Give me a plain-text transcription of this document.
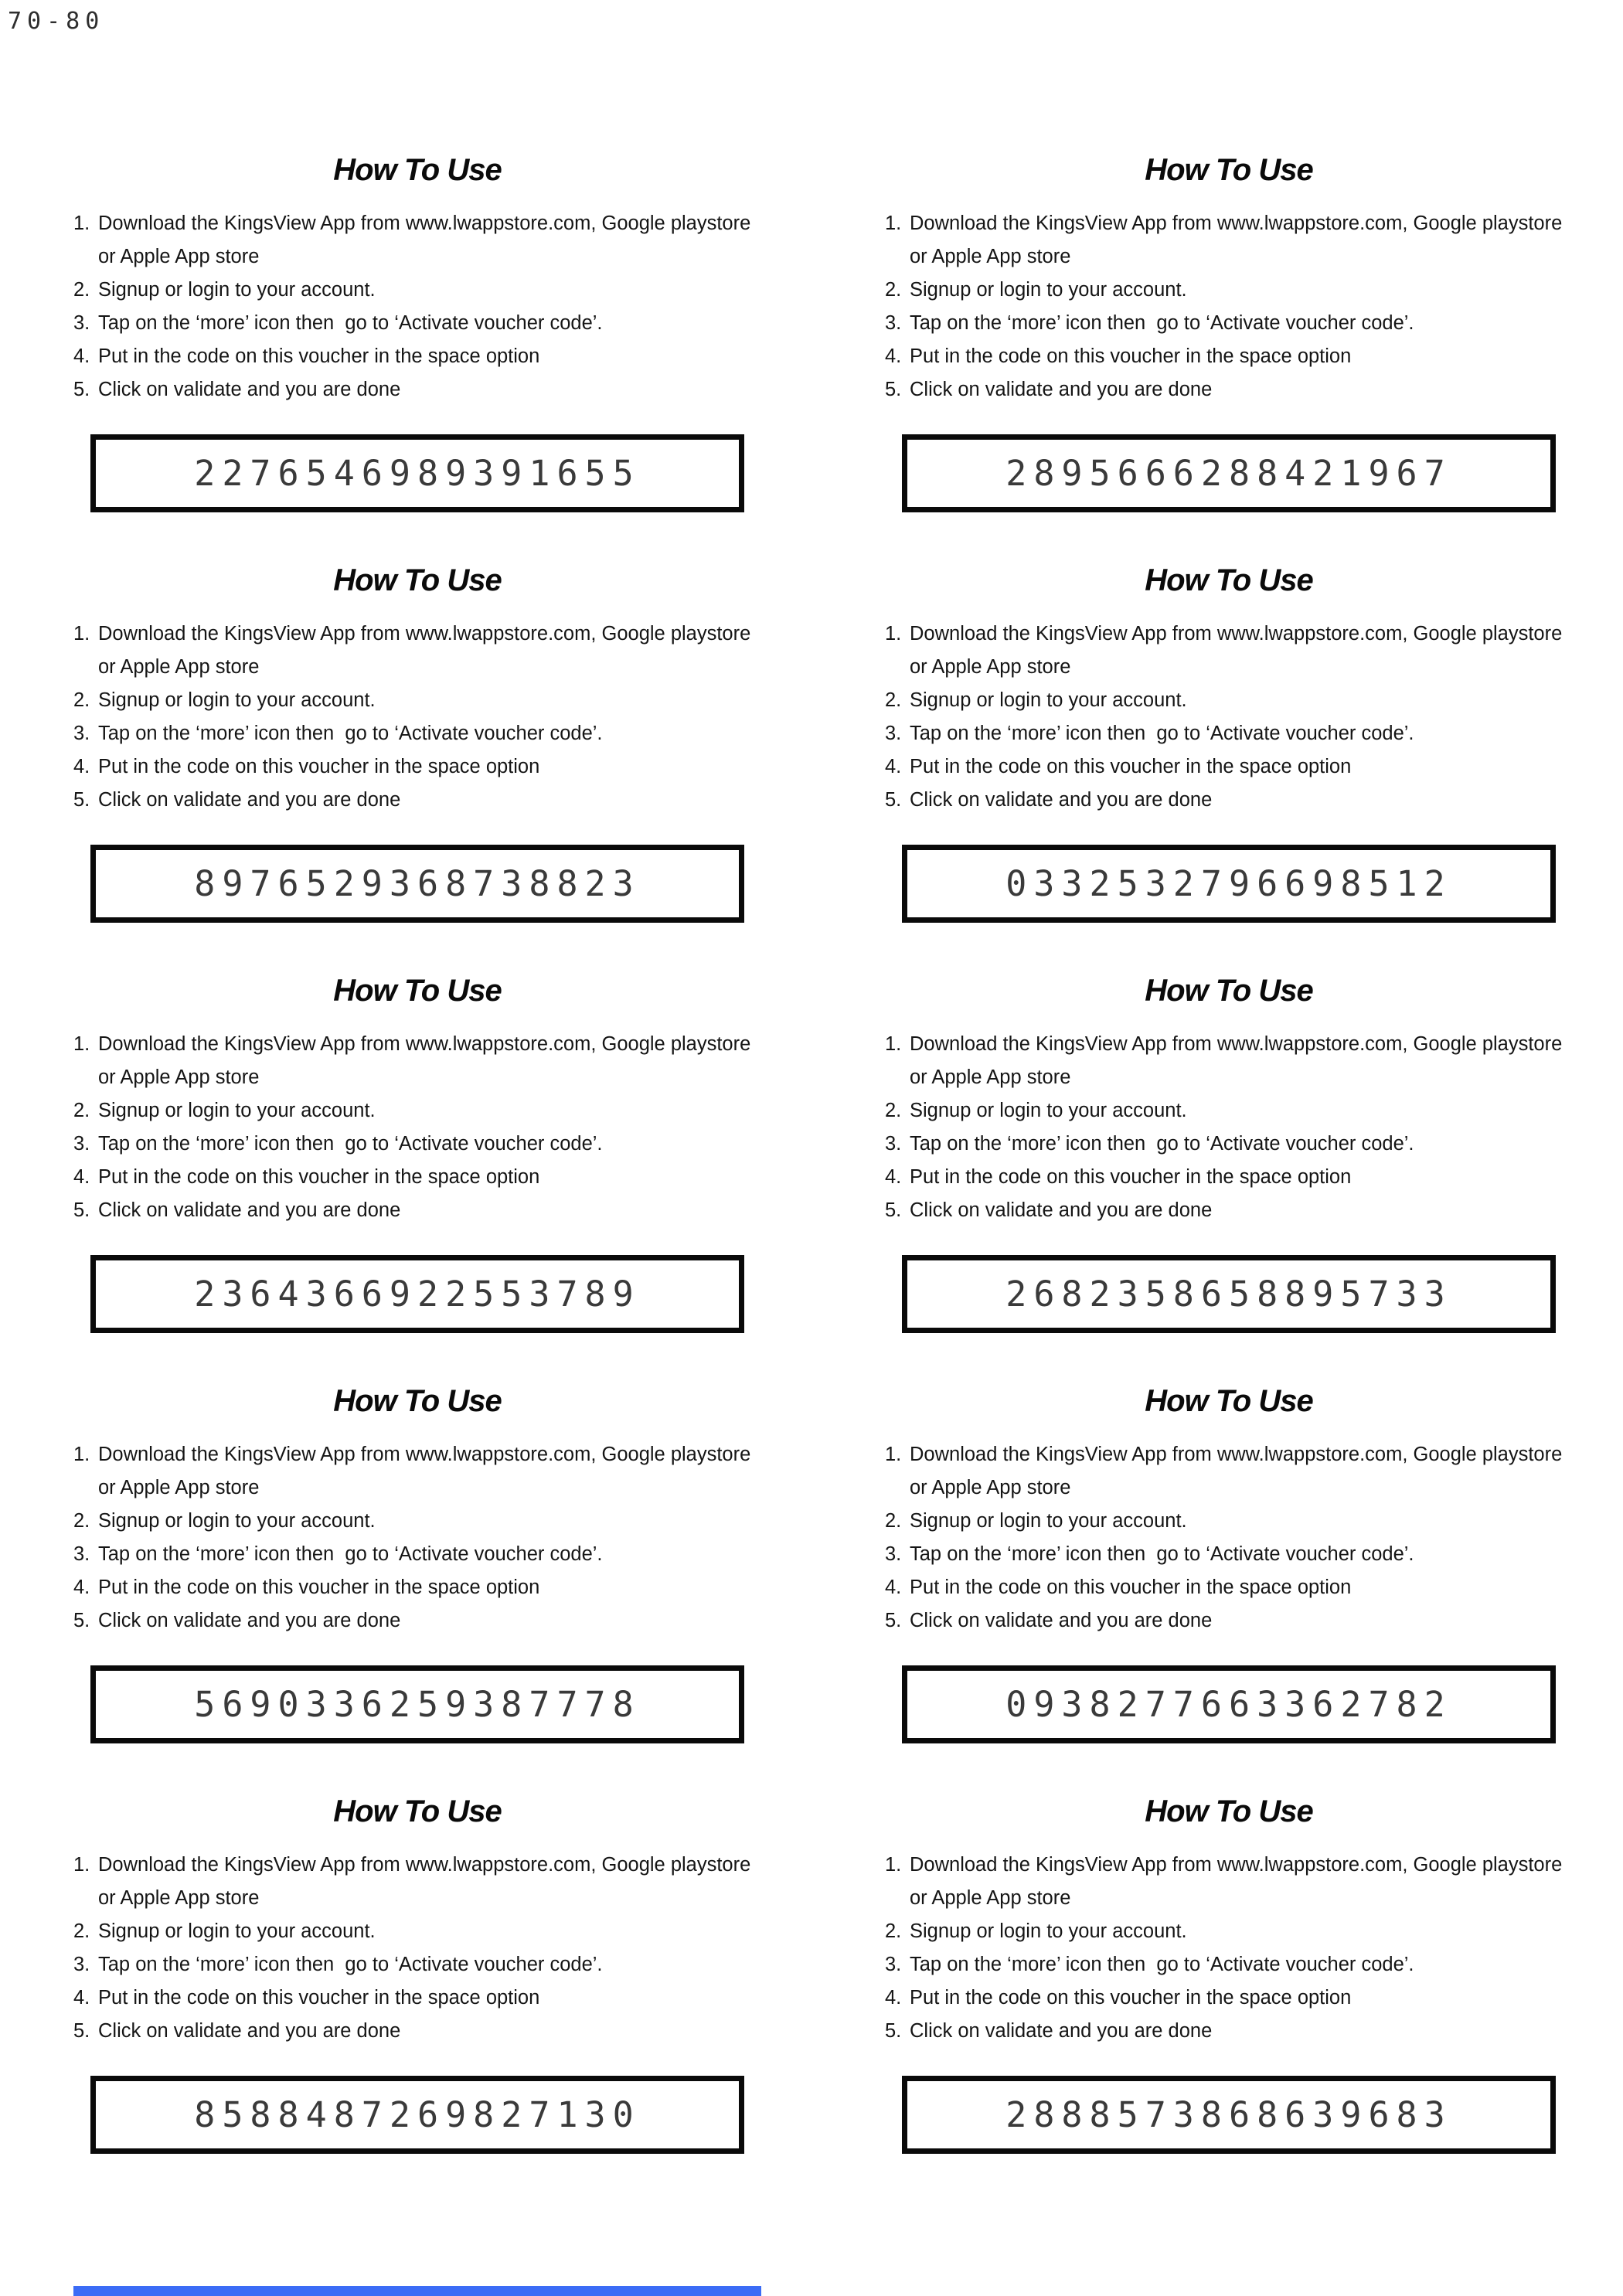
70-80
How To Use
1. Download the KingsView App from www.lwappstore.com, Google playstore or Apple App store
2. Signup or login to your account.
3. Tap on the ‘more’ icon then  go to ‘Activate voucher code’.
4. Put in the code on this voucher in the space option
5. Click on validate and you are done
2276546989391655
How To Use
1. Download the KingsView App from www.lwappstore.com, Google playstore or Apple App store
2. Signup or login to your account.
3. Tap on the ‘more’ icon then  go to ‘Activate voucher code’.
4. Put in the code on this voucher in the space option
5. Click on validate and you are done
2895666288421967
How To Use
1. Download the KingsView App from www.lwappstore.com, Google playstore or Apple App store
2. Signup or login to your account.
3. Tap on the ‘more’ icon then  go to ‘Activate voucher code’.
4. Put in the code on this voucher in the space option
5. Click on validate and you are done
8976529368738823
How To Use
1. Download the KingsView App from www.lwappstore.com, Google playstore or Apple App store
2. Signup or login to your account.
3. Tap on the ‘more’ icon then  go to ‘Activate voucher code’.
4. Put in the code on this voucher in the space option
5. Click on validate and you are done
0332532796698512
How To Use
1. Download the KingsView App from www.lwappstore.com, Google playstore or Apple App store
2. Signup or login to your account.
3. Tap on the ‘more’ icon then  go to ‘Activate voucher code’.
4. Put in the code on this voucher in the space option
5. Click on validate and you are done
2364366922553789
How To Use
1. Download the KingsView App from www.lwappstore.com, Google playstore or Apple App store
2. Signup or login to your account.
3. Tap on the ‘more’ icon then  go to ‘Activate voucher code’.
4. Put in the code on this voucher in the space option
5. Click on validate and you are done
2682358658895733
How To Use
1. Download the KingsView App from www.lwappstore.com, Google playstore or Apple App store
2. Signup or login to your account.
3. Tap on the ‘more’ icon then  go to ‘Activate voucher code’.
4. Put in the code on this voucher in the space option
5. Click on validate and you are done
5690336259387778
How To Use
1. Download the KingsView App from www.lwappstore.com, Google playstore or Apple App store
2. Signup or login to your account.
3. Tap on the ‘more’ icon then  go to ‘Activate voucher code’.
4. Put in the code on this voucher in the space option
5. Click on validate and you are done
0938277663362782
How To Use
1. Download the KingsView App from www.lwappstore.com, Google playstore or Apple App store
2. Signup or login to your account.
3. Tap on the ‘more’ icon then  go to ‘Activate voucher code’.
4. Put in the code on this voucher in the space option
5. Click on validate and you are done
8588487269827130
How To Use
1. Download the KingsView App from www.lwappstore.com, Google playstore or Apple App store
2. Signup or login to your account.
3. Tap on the ‘more’ icon then  go to ‘Activate voucher code’.
4. Put in the code on this voucher in the space option
5. Click on validate and you are done
2888573868639683
